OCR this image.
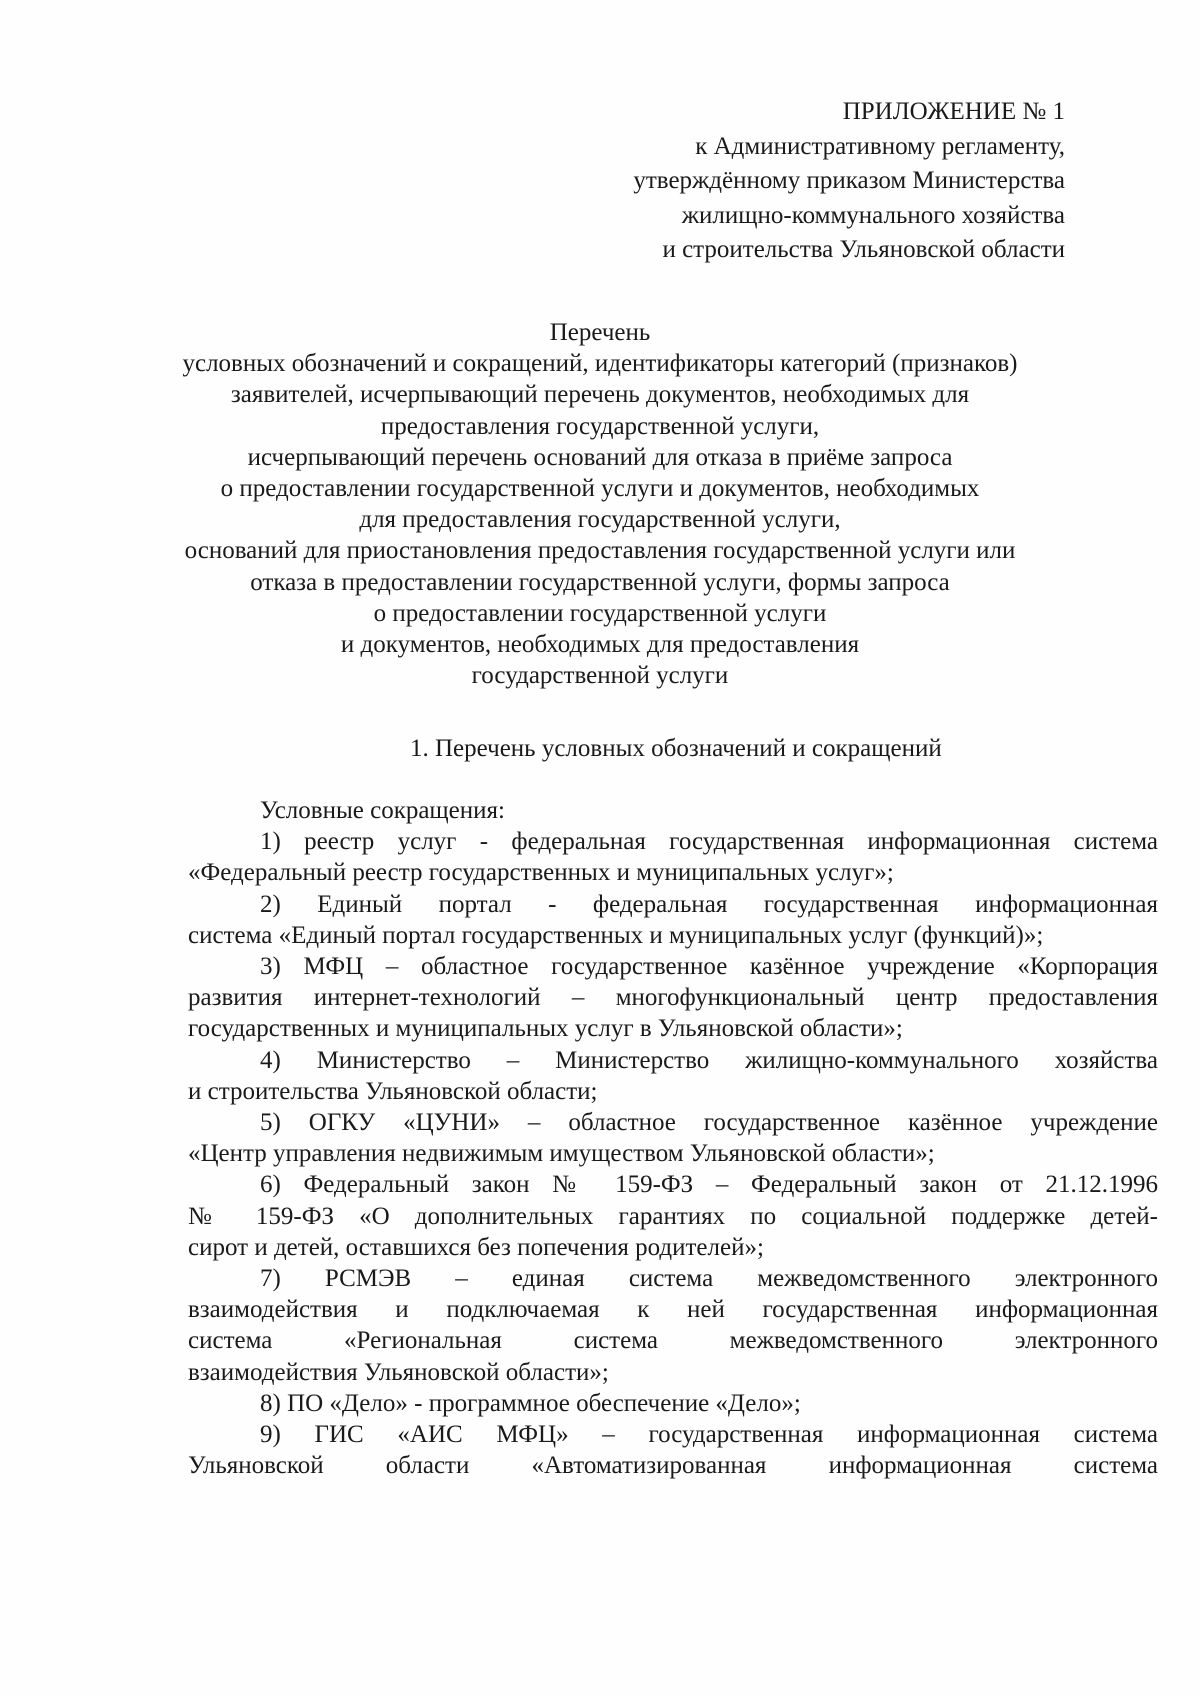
ПРИЛОЖЕНИЕ № 1
к Административному регламенту,
утверждённому приказом Министерства
жилищно-коммунального хозяйства
и строительства Ульяновской области
Перечень
условных обозначений и сокращений, идентификаторы категорий (признаков)
заявителей, исчерпывающий перечень документов, необходимых для
предоставления государственной услуги,
исчерпывающий перечень оснований для отказа в приёме запроса
о предоставлении государственной услуги и документов, необходимых
для предоставления государственной услуги,
оснований для приостановления предоставления государственной услуги или
отказа в предоставлении государственной услуги, формы запроса
о предоставлении государственной услуги
и документов, необходимых для предоставления
государственной услуги
1. Перечень условных обозначений и сокращений
Условные сокращения:
1) реестр услуг - федеральная государственная информационная система
«Федеральный реестр государственных и муниципальных услуг»;
2) Единый портал - федеральная государственная информационная
система «Единый портал государственных и муниципальных услуг (функций)»;
3) МФЦ – областное государственное казённое учреждение «Корпорация
развития интернет-технологий – многофункциональный центр предоставления
государственных и муниципальных услуг в Ульяновской области»;
4) Министерство – Министерство жилищно-коммунального хозяйства
и строительства Ульяновской области;
5) ОГКУ «ЦУНИ» – областное государственное казённое учреждение
«Центр управления недвижимым имуществом Ульяновской области»;
6) Федеральный закон № 159-ФЗ – Федеральный закон от 21.12.1996
№ 159-ФЗ «О дополнительных гарантиях по социальной поддержке детей-
сирот и детей, оставшихся без попечения родителей»;
7) РСМЭВ – единая система межведомственного электронного
взаимодействия и подключаемая к ней государственная информационная
система «Региональная система межведомственного электронного
взаимодействия Ульяновской области»;
8) ПО «Дело» - программное обеспечение «Дело»;
9) ГИС «АИС МФЦ» – государственная информационная система
Ульяновской области «Автоматизированная информационная система
